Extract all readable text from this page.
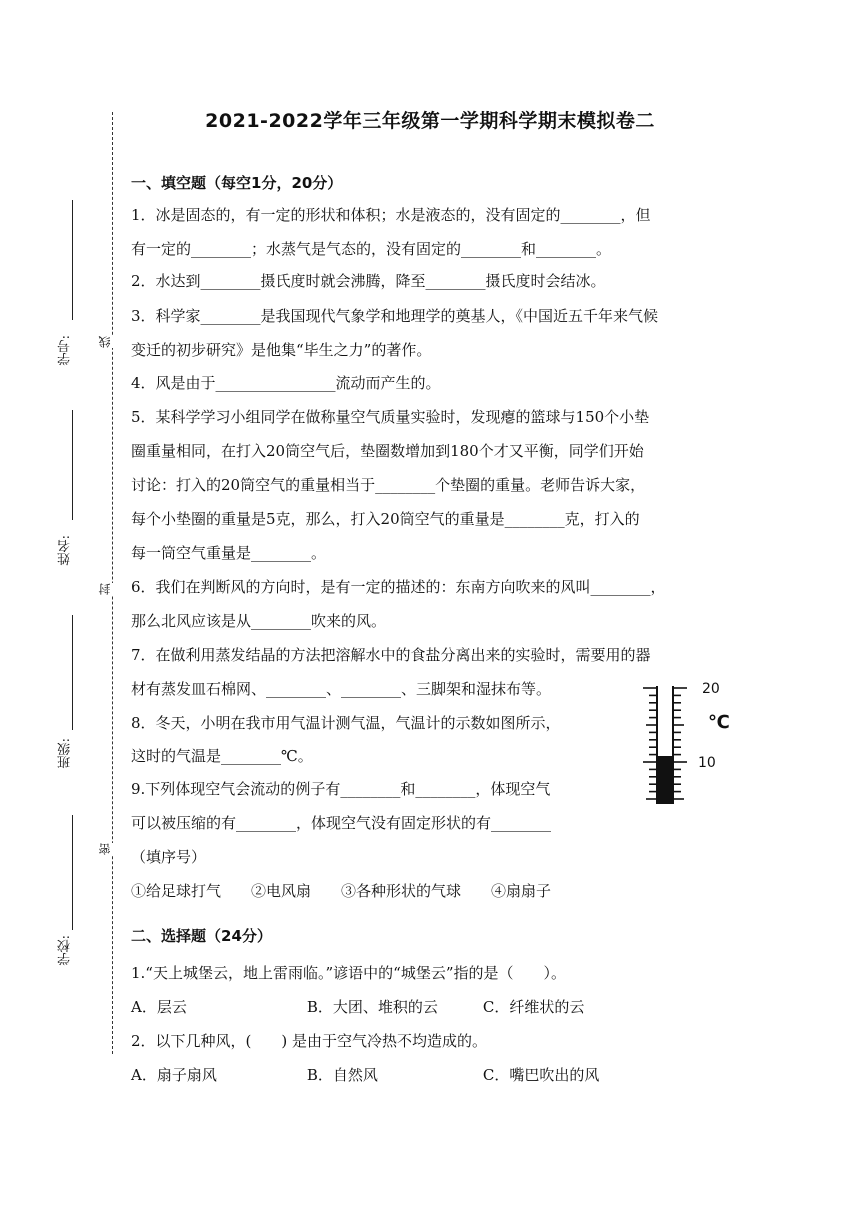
学号:
姓名:
班级:
学校:
线
封
密
2021-2022学年三年级第一学期科学期末模拟卷二
一、填空题（每空1分，20分）
1．冰是固态的，有一定的形状和体积；水是液态的，没有固定的________，但
有一定的________；水蒸气是气态的，没有固定的________和________。
2．水达到________摄氏度时就会沸腾，降至________摄氏度时会结冰。
3．科学家________是我国现代气象学和地理学的奠基人，《中国近五千年来气候
变迁的初步研究》是他集“毕生之力”的著作。
4．风是由于________________流动而产生的。
5．某科学学习小组同学在做称量空气质量实验时，发现瘪的篮球与150个小垫
圈重量相同，在打入20筒空气后，垫圈数增加到180个才又平衡，同学们开始
讨论：打入的20筒空气的重量相当于________个垫圈的重量。老师告诉大家，
每个小垫圈的重量是5克，那么，打入20筒空气的重量是________克，打入的
每一筒空气重量是________。
6．我们在判断风的方向时，是有一定的描述的：东南方向吹来的风叫________，
那么北风应该是从________吹来的风。
7．在做利用蒸发结晶的方法把溶解水中的食盐分离出来的实验时，需要用的器
材有蒸发皿石棉网、________、________、三脚架和湿抹布等。
8．冬天，小明在我市用气温计测气温，气温计的示数如图所示，
这时的气温是________℃。
9.下列体现空气会流动的例子有________和________，体现空气
可以被压缩的有________，体现空气没有固定形状的有________
（填序号）
①给足球打气　　②电风扇　　③各种形状的气球　　④扇扇子
20
10
℃
二、选择题（24分）
1.“天上城堡云，地上雷雨临。”谚语中的“城堡云”指的是（　　）。
A．层云　　　　　　　　B．大团、堆积的云　　　C．纤维状的云
2．以下几种风，(　　) 是由于空气冷热不均造成的。
A．扇子扇风　　　　　　B．自然风　　　　　　　C．嘴巴吹出的风
